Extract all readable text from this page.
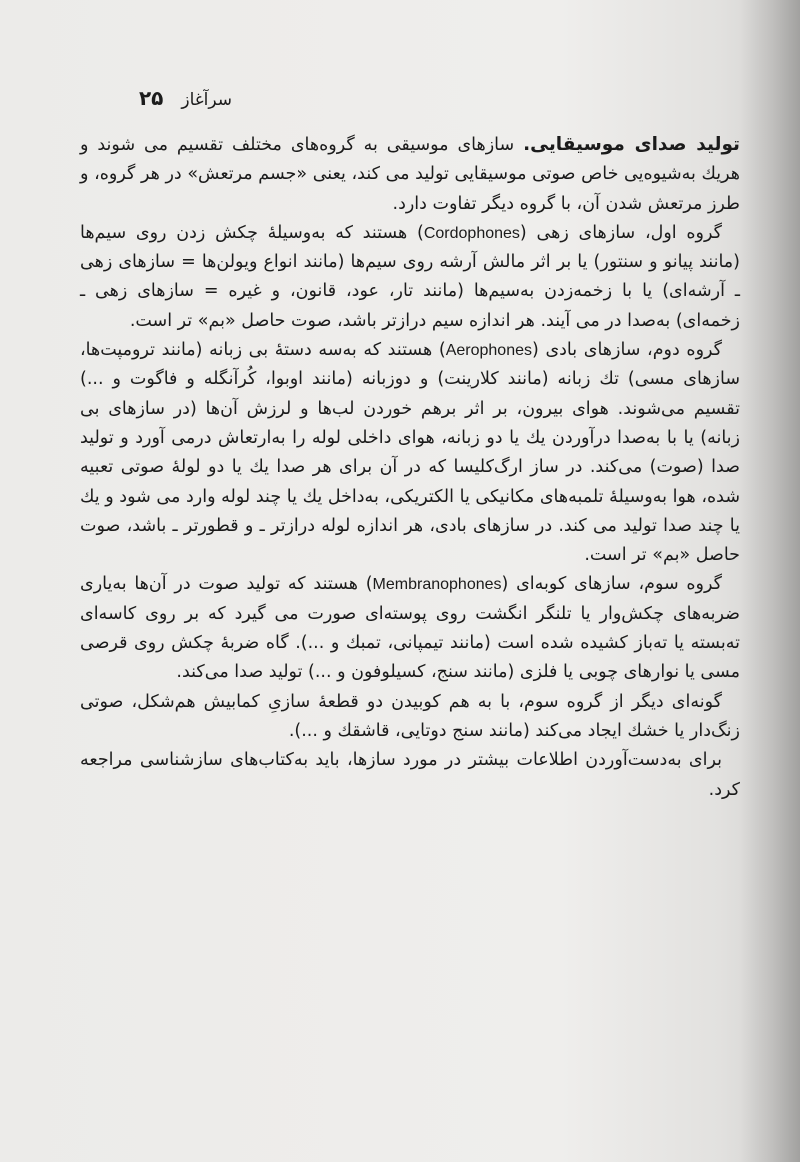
سرآغاز
۲۵

تولید صدای موسیقایی. سازهای موسیقی به گروه‌های مختلف تقسیم می شوند و هریك به‌شیوه‌یی خاص صوتی موسیقایی تولید می کند، یعنی «جسم مرتعش» در هر گروه، و طرز مرتعش شدن آن، با گروه دیگر تفاوت دارد.

گروه اول، سازهای زهی (Cordophones) هستند که به‌وسیلهٔ چکش زدن روی سیم‌ها (مانند پیانو و سنتور) یا بر اثر مالش آرشه روی سیم‌ها (مانند انواع ویولن‌ها = سازهای زهی ـ آرشه‌ای) یا با زخمه‌زدن به‌سیم‌ها (مانند تار، عود، قانون، و غیره = سازهای زهی ـ زخمه‌ای) به‌صدا در می آیند. هر اندازه سیم درازتر باشد، صوت حاصل «بم» تر است.

گروه دوم، سازهای بادی (Aerophones) هستند که به‌سه دستهٔ بی زبانه (مانند ترومپت‌ها، سازهای مسی) تك زبانه (مانند کلارینت) و دوزبانه (مانند اوبوا، کُرآنگله و فاگوت و ...) تقسیم می‌شوند. هوای بیرون، بر اثر برهم خوردن لب‌ها و لرزش آن‌ها (در سازهای بی زبانه) یا با به‌صدا درآوردن یك یا دو زبانه، هوای داخلی لوله را به‌ارتعاش درمی آورد و تولید صدا (صوت) می‌کند. در ساز ارگ‌کلیسا که در آن برای هر صدا یك یا دو لولهٔ صوتی تعبیه شده، هوا به‌وسیلهٔ تلمبه‌های مکانیکی یا الکتریکی، به‌داخل یك یا چند لوله وارد می شود و یك یا چند صدا تولید می کند. در سازهای بادی، هر اندازه لوله درازتر ـ و قطورتر ـ باشد، صوت حاصل «بم» تر است.

گروه سوم، سازهای کوبه‌ای (Membranophones) هستند که تولید صوت در آن‌ها به‌یاری ضربه‌های چکش‌وار یا تلنگر انگشت روی پوسته‌ای صورت می گیرد که بر روی کاسه‌ای ته‌بسته یا ته‌باز کشیده شده است (مانند تیمپانی، تمبك و ...). گاه ضربهٔ چکش روی قرصی مسی یا نوارهای چوبی یا فلزی (مانند سنج، کسیلوفون و ...) تولید صدا می‌کند.

گونه‌ای دیگر از گروه سوم، با به هم کوبیدن دو قطعهٔ سازیِ کمابیش هم‌شکل، صوتی زنگ‌دار یا خشك ایجاد می‌کند (مانند سنج دوتایی، قاشقك و ...).

برای به‌دست‌آوردن اطلاعات بیشتر در مورد سازها، باید به‌کتاب‌های سازشناسی مراجعه کرد.
